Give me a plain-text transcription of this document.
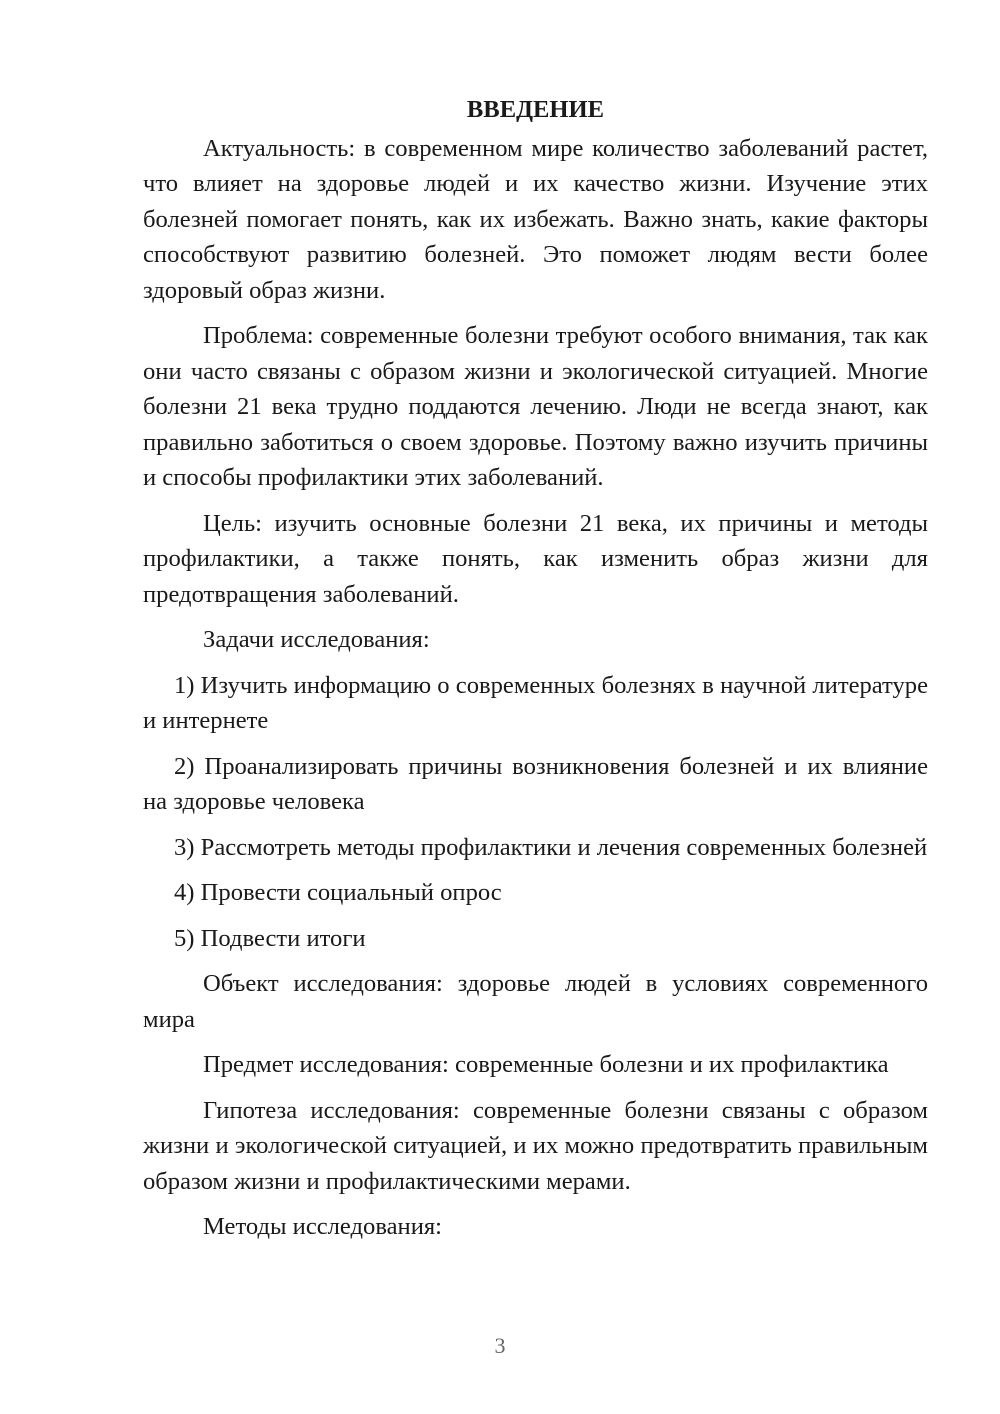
ВВЕДЕНИЕ

Актуальность: в современном мире количество заболеваний растет, что влияет на здоровье людей и их качество жизни. Изучение этих болезней помогает понять, как их избежать. Важно знать, какие факторы способствуют развитию болезней. Это поможет людям вести более здоровый образ жизни.

Проблема: современные болезни требуют особого внимания, так как они часто связаны с образом жизни и экологической ситуацией. Многие болезни 21 века трудно поддаются лечению. Люди не всегда знают, как правильно заботиться о своем здоровье. Поэтому важно изучить причины и способы профилактики этих заболеваний.

Цель: изучить основные болезни 21 века, их причины и методы профилактики, а также понять, как изменить образ жизни для предотвращения заболеваний.

Задачи исследования:

1) Изучить информацию о современных болезнях в научной литературе и интернете

2) Проанализировать причины возникновения болезней и их влияние на здоровье человека

3) Рассмотреть методы профилактики и лечения современных болезней

4) Провести социальный опрос

5) Подвести итоги

Объект исследования: здоровье людей в условиях современного мира

Предмет исследования: современные болезни и их профилактика

Гипотеза исследования: современные болезни связаны с образом жизни и экологической ситуацией, и их можно предотвратить правильным образом жизни и профилактическими мерами.

Методы исследования:

3
